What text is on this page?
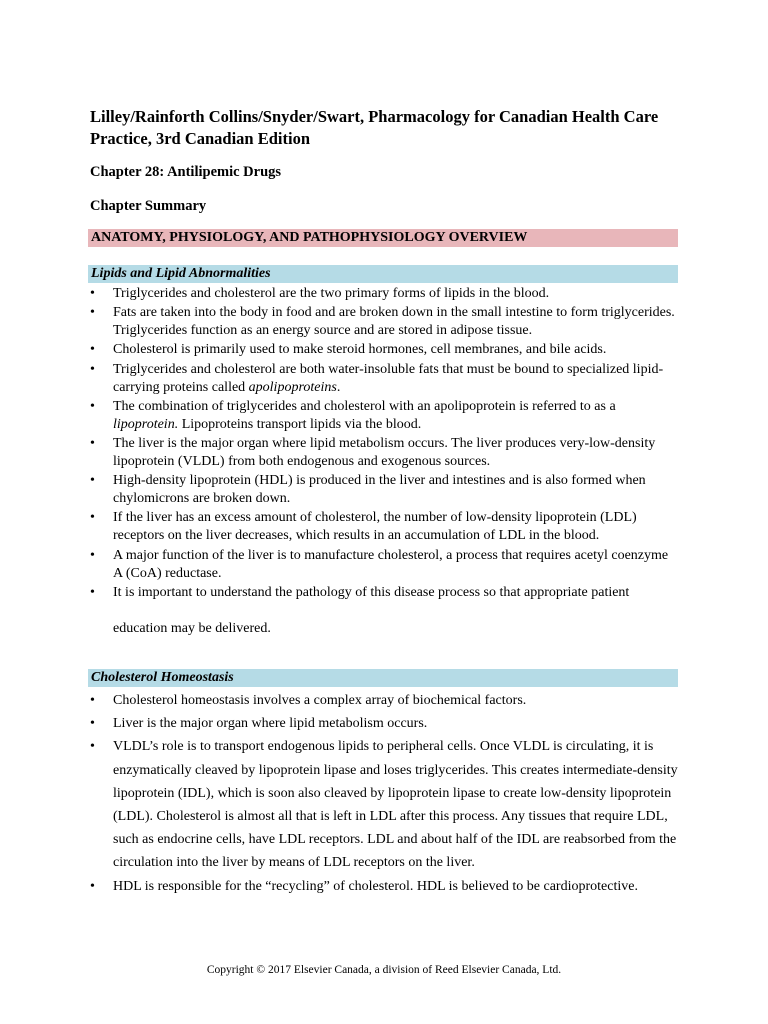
Lilley/Rainforth Collins/Snyder/Swart, Pharmacology for Canadian Health Care Practice, 3rd Canadian Edition
Chapter 28: Antilipemic Drugs
Chapter Summary
ANATOMY, PHYSIOLOGY, AND PATHOPHYSIOLOGY OVERVIEW
Lipids and Lipid Abnormalities
• Triglycerides and cholesterol are the two primary forms of lipids in the blood.
• Fats are taken into the body in food and are broken down in the small intestine to form triglycerides. Triglycerides function as an energy source and are stored in adipose tissue.
• Cholesterol is primarily used to make steroid hormones, cell membranes, and bile acids.
• Triglycerides and cholesterol are both water-insoluble fats that must be bound to specialized lipid-carrying proteins called apolipoproteins.
• The combination of triglycerides and cholesterol with an apolipoprotein is referred to as a lipoprotein. Lipoproteins transport lipids via the blood.
• The liver is the major organ where lipid metabolism occurs. The liver produces very-low-density lipoprotein (VLDL) from both endogenous and exogenous sources.
• High-density lipoprotein (HDL) is produced in the liver and intestines and is also formed when chylomicrons are broken down.
• If the liver has an excess amount of cholesterol, the number of low-density lipoprotein (LDL) receptors on the liver decreases, which results in an accumulation of LDL in the blood.
• A major function of the liver is to manufacture cholesterol, a process that requires acetyl coenzyme A (CoA) reductase.
• It is important to understand the pathology of this disease process so that appropriate patient
education may be delivered.
Cholesterol Homeostasis
• Cholesterol homeostasis involves a complex array of biochemical factors.
• Liver is the major organ where lipid metabolism occurs.
• VLDL’s role is to transport endogenous lipids to peripheral cells. Once VLDL is circulating, it is enzymatically cleaved by lipoprotein lipase and loses triglycerides. This creates intermediate-density lipoprotein (IDL), which is soon also cleaved by lipoprotein lipase to create low-density lipoprotein (LDL). Cholesterol is almost all that is left in LDL after this process. Any tissues that require LDL, such as endocrine cells, have LDL receptors. LDL and about half of the IDL are reabsorbed from the circulation into the liver by means of LDL receptors on the liver.
• HDL is responsible for the “recycling” of cholesterol. HDL is believed to be cardioprotective.
Copyright © 2017 Elsevier Canada, a division of Reed Elsevier Canada, Ltd.
